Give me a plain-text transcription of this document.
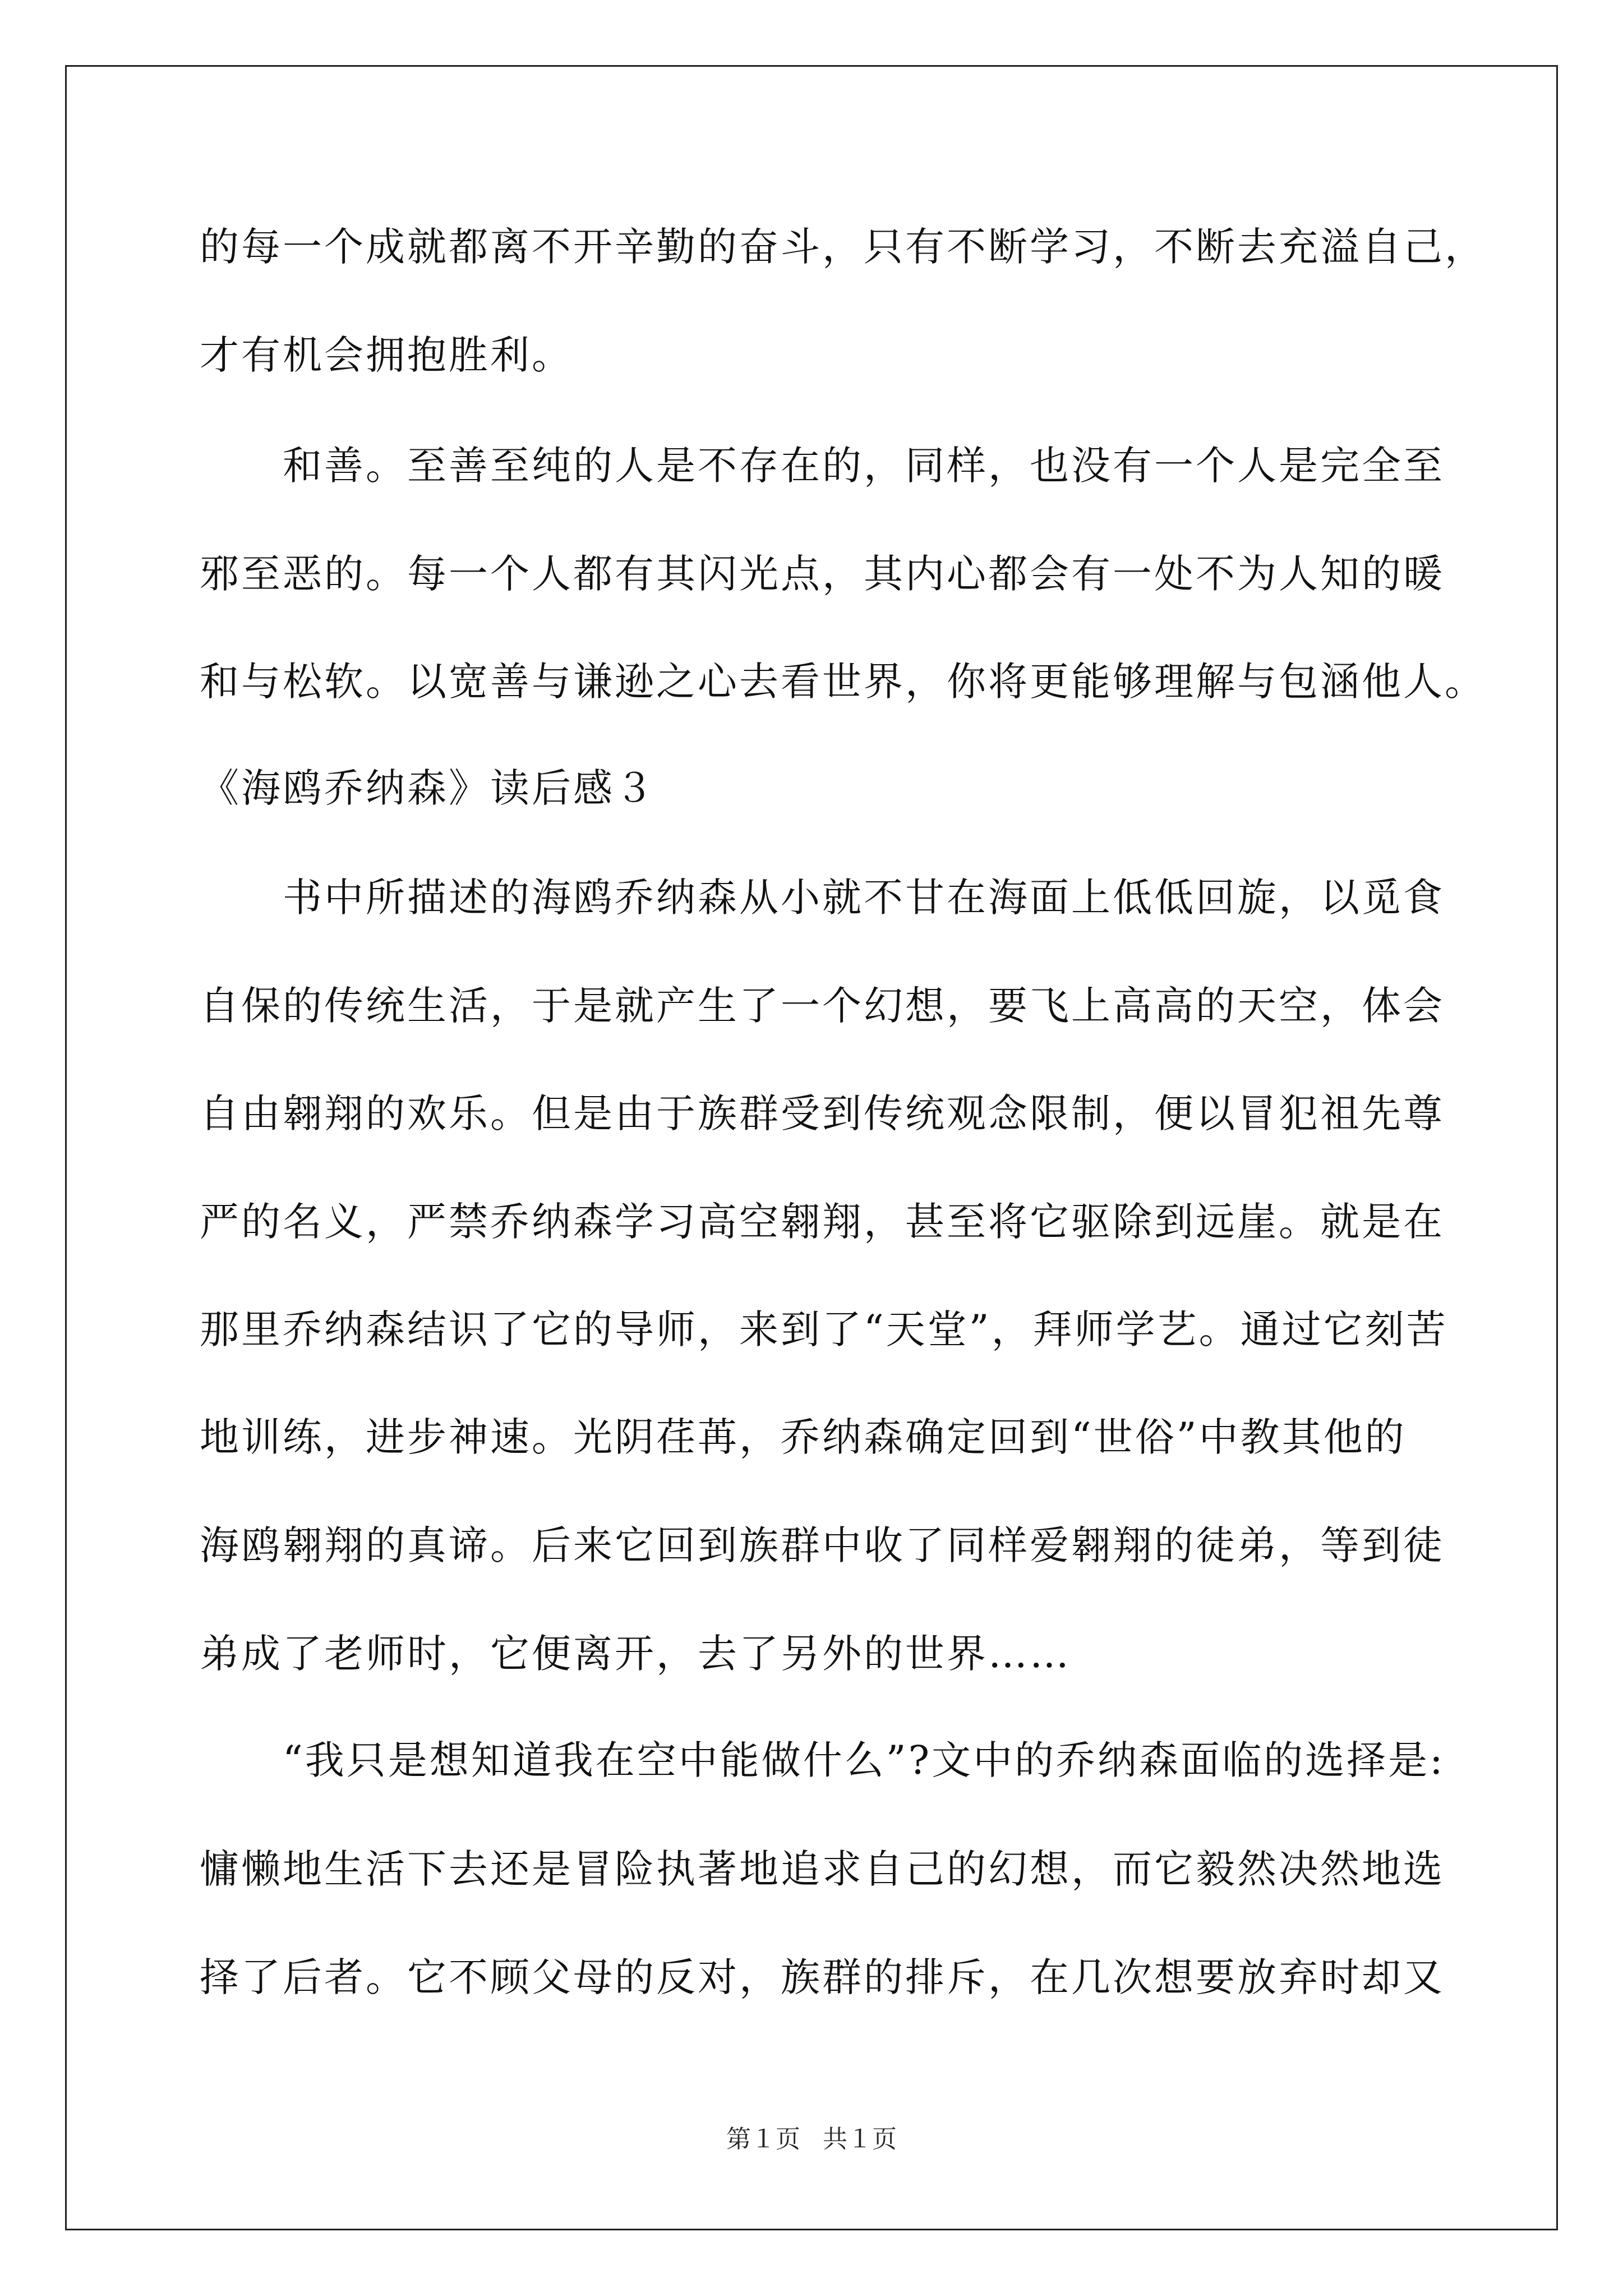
的每一个成就都离不开辛勤的奋斗，只有不断学习，不断去充溢自己，
才有机会拥抱胜利。
　　和善。至善至纯的人是不存在的，同样，也没有一个人是完全至
邪至恶的。每一个人都有其闪光点，其内心都会有一处不为人知的暖
和与松软。以宽善与谦逊之心去看世界，你将更能够理解与包涵他人。
《海鸥乔纳森》读后感３
　　书中所描述的海鸥乔纳森从小就不甘在海面上低低回旋，以觅食
自保的传统生活，于是就产生了一个幻想，要飞上高高的天空，体会
自由翱翔的欢乐。但是由于族群受到传统观念限制，便以冒犯祖先尊
严的名义，严禁乔纳森学习高空翱翔，甚至将它驱除到远崖。就是在
那里乔纳森结识了它的导师，来到了“天堂”，拜师学艺。通过它刻苦
地训练，进步神速。光阴荏苒，乔纳森确定回到“世俗”中教其他的
海鸥翱翔的真谛。后来它回到族群中收了同样爱翱翔的徒弟，等到徒
弟成了老师时，它便离开，去了另外的世界……
　　“我只是想知道我在空中能做什么”?文中的乔纳森面临的选择是:
慵懒地生活下去还是冒险执著地追求自己的幻想，而它毅然决然地选
择了后者。它不顾父母的反对，族群的排斥，在几次想要放弃时却又
第１页 共１页
